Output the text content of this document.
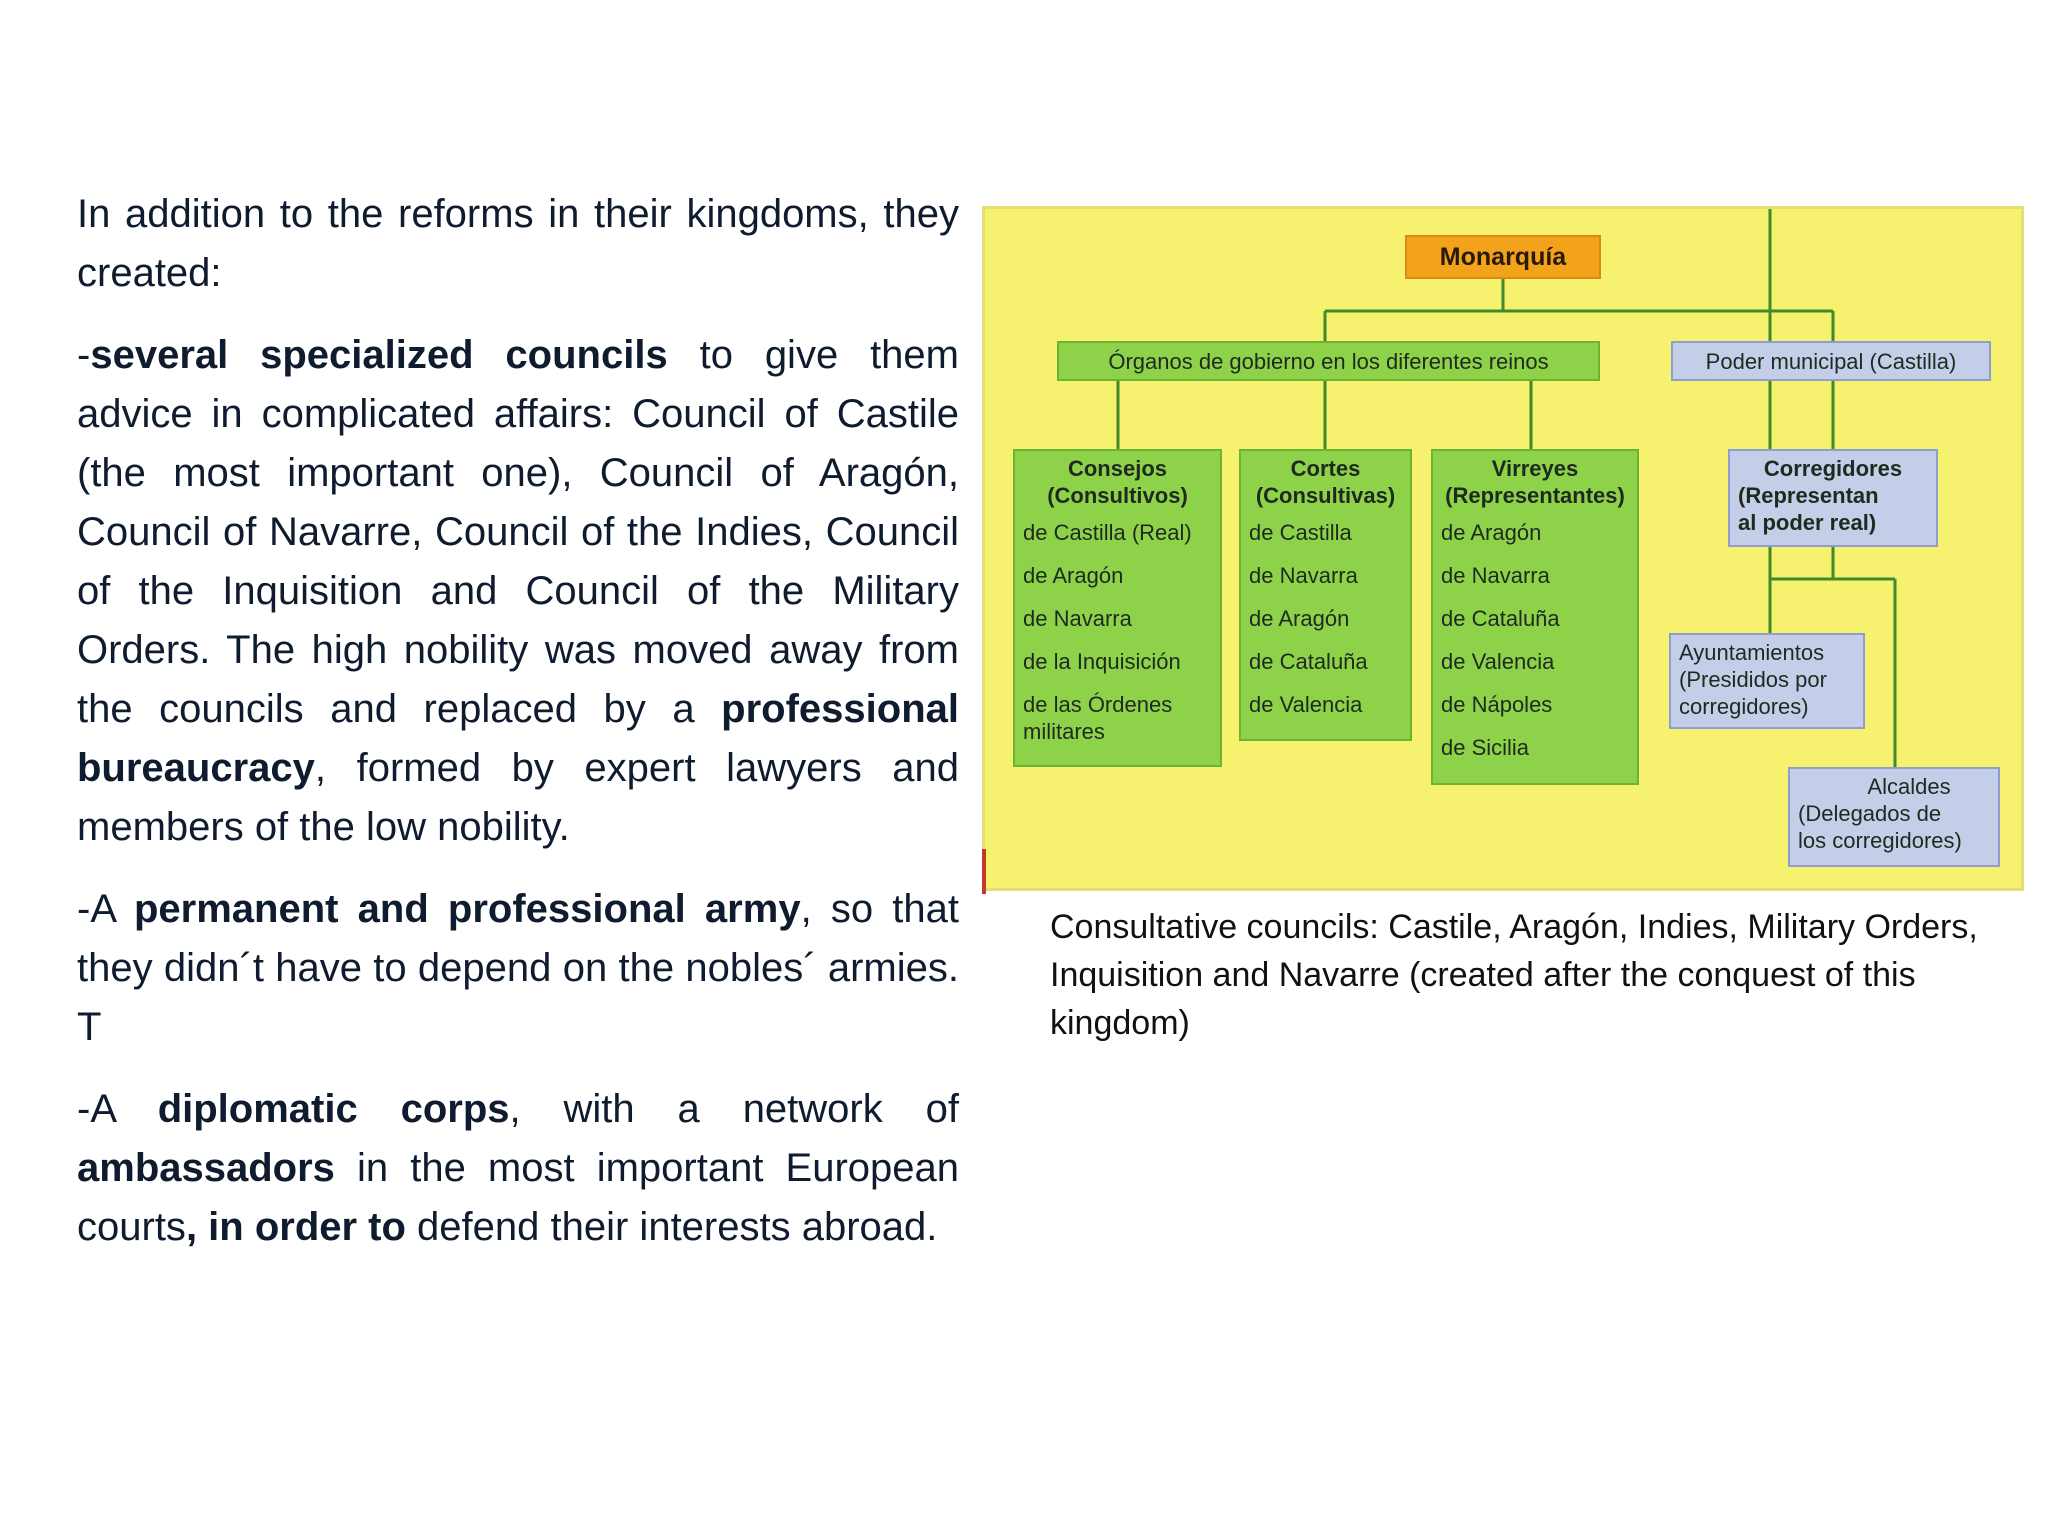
In addition to the reforms in their kingdoms, they created:

-several specialized councils to give them advice in complicated affairs: Council of Castile (the most important one), Council of Aragón, Council of Navarre, Council of the Indies, Council of the Inquisition and Council of the Military Orders. The high nobility was moved away from the councils and replaced by a professional bureaucracy, formed by expert lawyers and members of the low nobility.

-A permanent and professional army, so that they didn´t have to depend on the nobles´ armies. T

-A diplomatic corps, with a network of ambassadors in the most important European courts, in order to defend their interests abroad.

Monarquía
Órganos de gobierno en los diferentes reinos	Poder municipal (Castilla)
Consejos
(Consultivos)
de Castilla (Real)
de Aragón
de Navarra
de la Inquisición
de las Órdenes
militares
Cortes
(Consultivas)
de Castilla
de Navarra
de Aragón
de Cataluña
de Valencia
Virreyes
(Representantes)
de Aragón
de Navarra
de Cataluña
de Valencia
de Nápoles
de Sicilia
Corregidores
(Representan
al poder real)
Ayuntamientos
(Presididos por
corregidores)
Alcaldes
(Delegados de
los corregidores)
Consultative councils: Castile, Aragón, Indies, Military Orders, Inquisition and Navarre (created after the conquest of this kingdom)
